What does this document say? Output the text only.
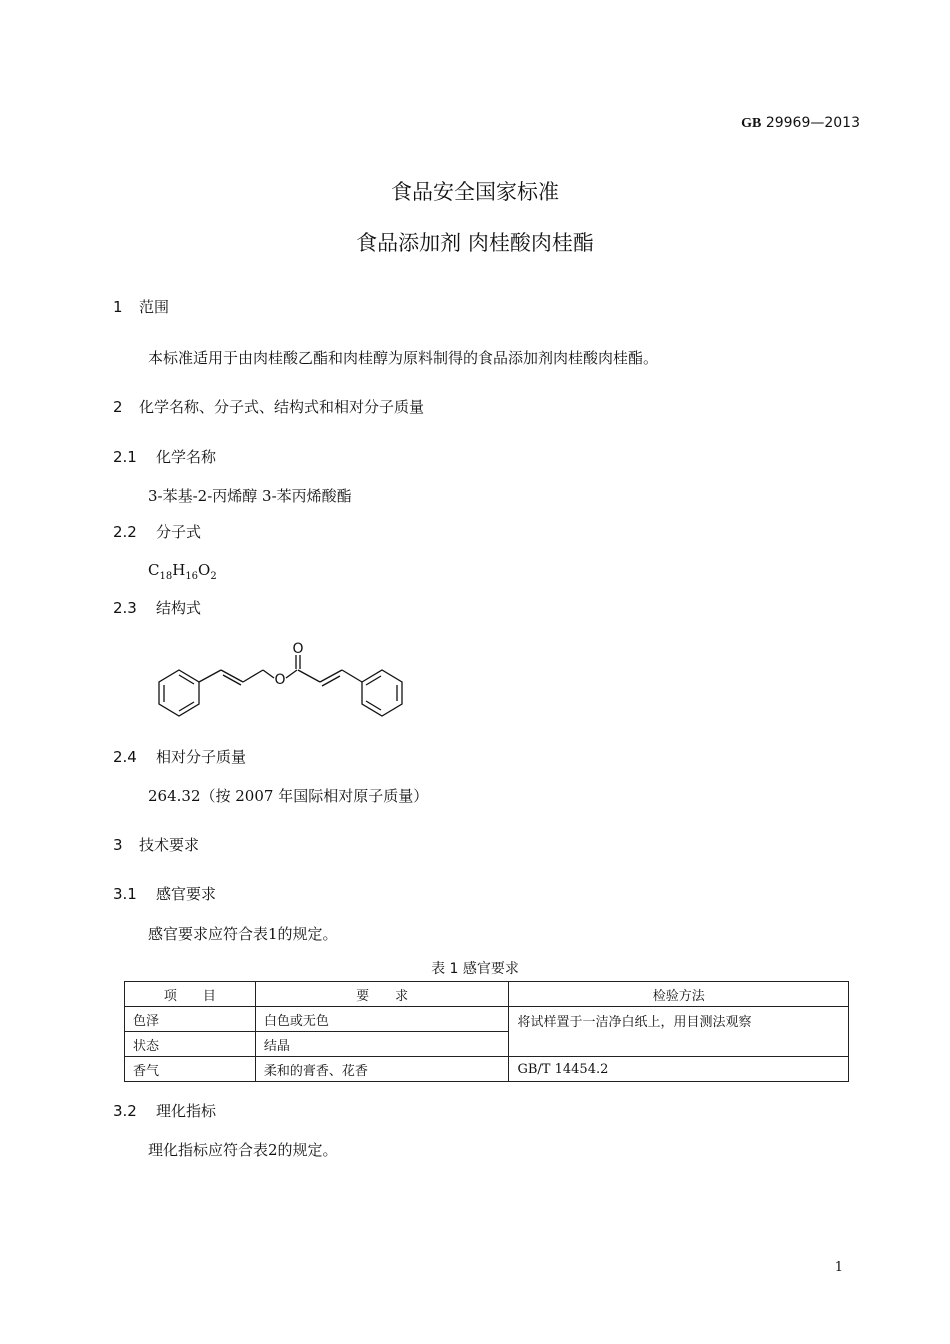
GB 29969—2013
食品安全国家标准
食品添加剂 肉桂酸肉桂酯
1 范围
本标准适用于由肉桂酸乙酯和肉桂醇为原料制得的食品添加剂肉桂酸肉桂酯。
2 化学名称、分子式、结构式和相对分子质量
2.1 化学名称
3-苯基-2-丙烯醇 3-苯丙烯酸酯
2.2 分子式
$C_{18}H_{16}O_2$
2.3 结构式
O
O
2.4 相对分子质量
264.32（按 2007 年国际相对原子质量）
3 技术要求
3.1 感官要求
感官要求应符合表1的规定。
表 1 感官要求
项　　目	要　　求	检验方法
色泽	白色或无色	将试样置于一洁净白纸上，用目测法观察
状态	结晶	
香气	柔和的膏香、花香	GB/T 14454.2
3.2 理化指标
理化指标应符合表2的规定。
1
